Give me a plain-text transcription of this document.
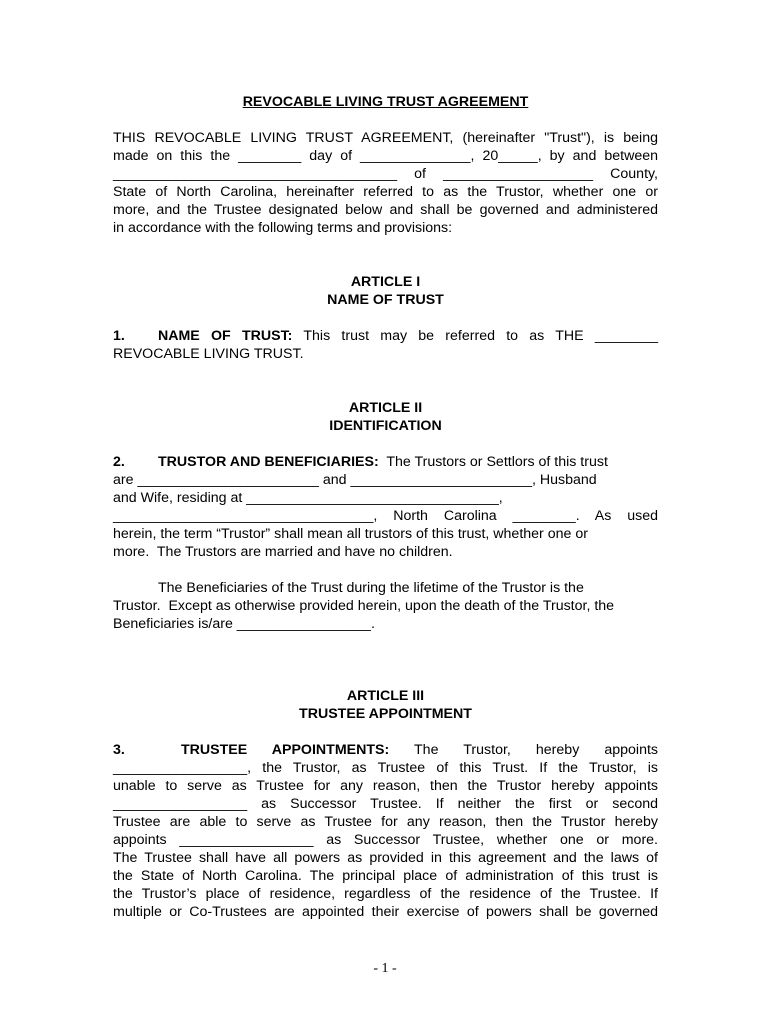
REVOCABLE LIVING TRUST AGREEMENT
THIS REVOCABLE LIVING TRUST AGREEMENT, (hereinafter "Trust"), is being
made on this the ________ day of ______________, 20_____, by and between
____________________________________ of ___________________ County,
State of North Carolina, hereinafter referred to as the Trustor, whether one or
more, and the Trustee designated below and shall be governed and administered
in accordance with the following terms and provisions:
ARTICLE I
NAME OF TRUST
1. NAME OF TRUST: This trust may be referred to as THE ________
REVOCABLE LIVING TRUST.
ARTICLE II
IDENTIFICATION
2. TRUSTOR AND BENEFICIARIES:  The Trustors or Settlors of this trust
are _______________________ and _______________________, Husband
and Wife, residing at ________________________________,
_________________________________, North Carolina ________. As used
herein, the term “Trustor” shall mean all trustors of this trust, whether one or
more.  The Trustors are married and have no children.
The Beneficiaries of the Trust during the lifetime of the Trustor is the
Trustor.  Except as otherwise provided herein, upon the death of the Trustor, the
Beneficiaries is/are _________________.
ARTICLE III
TRUSTEE APPOINTMENT
3.	TRUSTEE APPOINTMENTS: The Trustor, hereby appoints
_________________, the Trustor, as Trustee of this Trust. If the Trustor, is
unable to serve as Trustee for any reason, then the Trustor hereby appoints
_________________ as Successor Trustee. If neither the first or second
Trustee are able to serve as Trustee for any reason, then the Trustor hereby
appoints _________________ as Successor Trustee, whether one or more.
The Trustee shall have all powers as provided in this agreement and the laws of
the State of North Carolina. The principal place of administration of this trust is
the Trustor’s place of residence, regardless of the residence of the Trustee. If
multiple or Co-Trustees are appointed their exercise of powers shall be governed
- 1 -
